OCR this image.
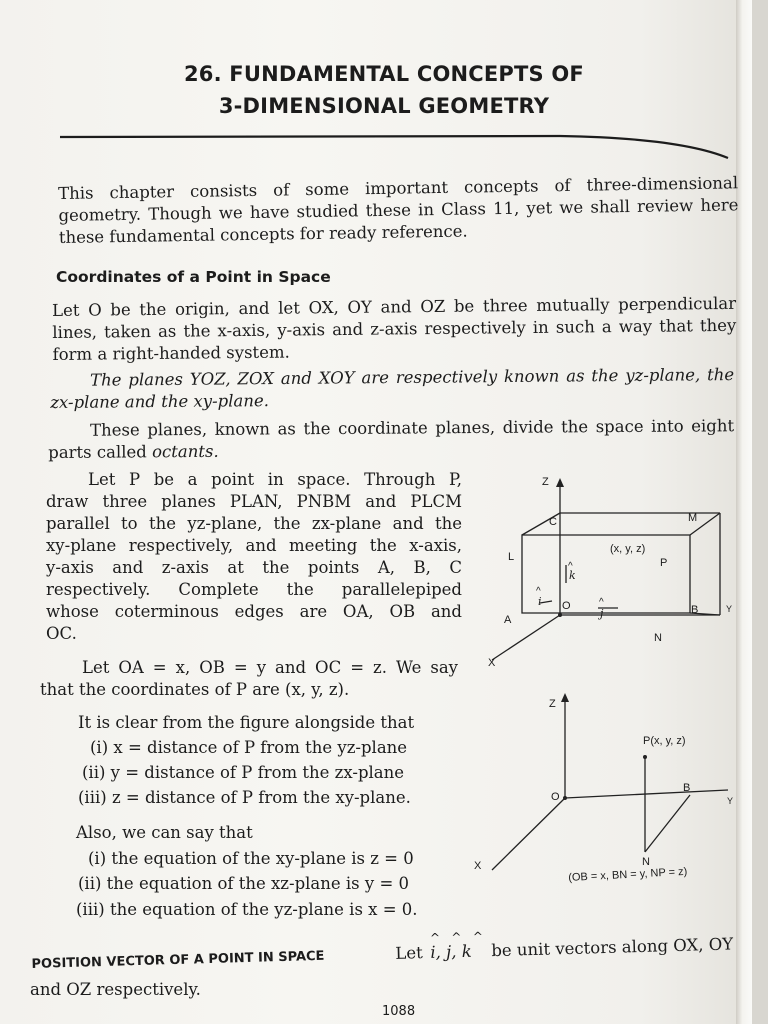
26. FUNDAMENTAL CONCEPTS OF
3-DIMENSIONAL GEOMETRY
This chapter consists of some important concepts of three-dimensional
geometry. Though we have studied these in Class 11, yet we shall review here
these fundamental concepts for ready reference.
Coordinates of a Point in Space
Let O be the origin, and let OX, OY and OZ be three mutually perpendicular
lines, taken as the x-axis, y-axis and z-axis respectively in such a way that they
form a right-handed system.
The planes YOZ, ZOX and XOY are respectively known as the yz-plane, the
zx-plane and the xy-plane.
These planes, known as the coordinate planes, divide the space into eight
parts called octants.
Let P be a point in space. Through P,
draw three planes PLAN, PNBM and PLCM
parallel to the yz-plane, the zx-plane and the
xy-plane respectively, and meeting the x-axis,
y-axis and z-axis at the points A, B, C
respectively. Complete the parallelepiped
whose coterminous edges are OA, OB and
OC.
Let OA = x, OB = y and OC = z. We say
that the coordinates of P are (x, y, z).
It is clear from the figure alongside that
(i) x = distance of P from the yz-plane
(ii) y = distance of P from the zx-plane
(iii) z = distance of P from the xy-plane.
Also, we can say that
(i) the equation of the xy-plane is z = 0
(ii) the equation of the xz-plane is y = 0
(iii) the equation of the yz-plane is x = 0.
Z
C	M
L
(x, y, z)
P
^
k
^
i O	^
j	B	Y
A
N
X
Z
P(x, y, z)
B
O	Y
N
X	(OB = x, BN = y, NP = z)
POSITION VECTOR OF A POINT IN SPACE	Let
^   ^   ^
i, j, k be unit vectors along OX, OY
and OZ respectively.
1088
